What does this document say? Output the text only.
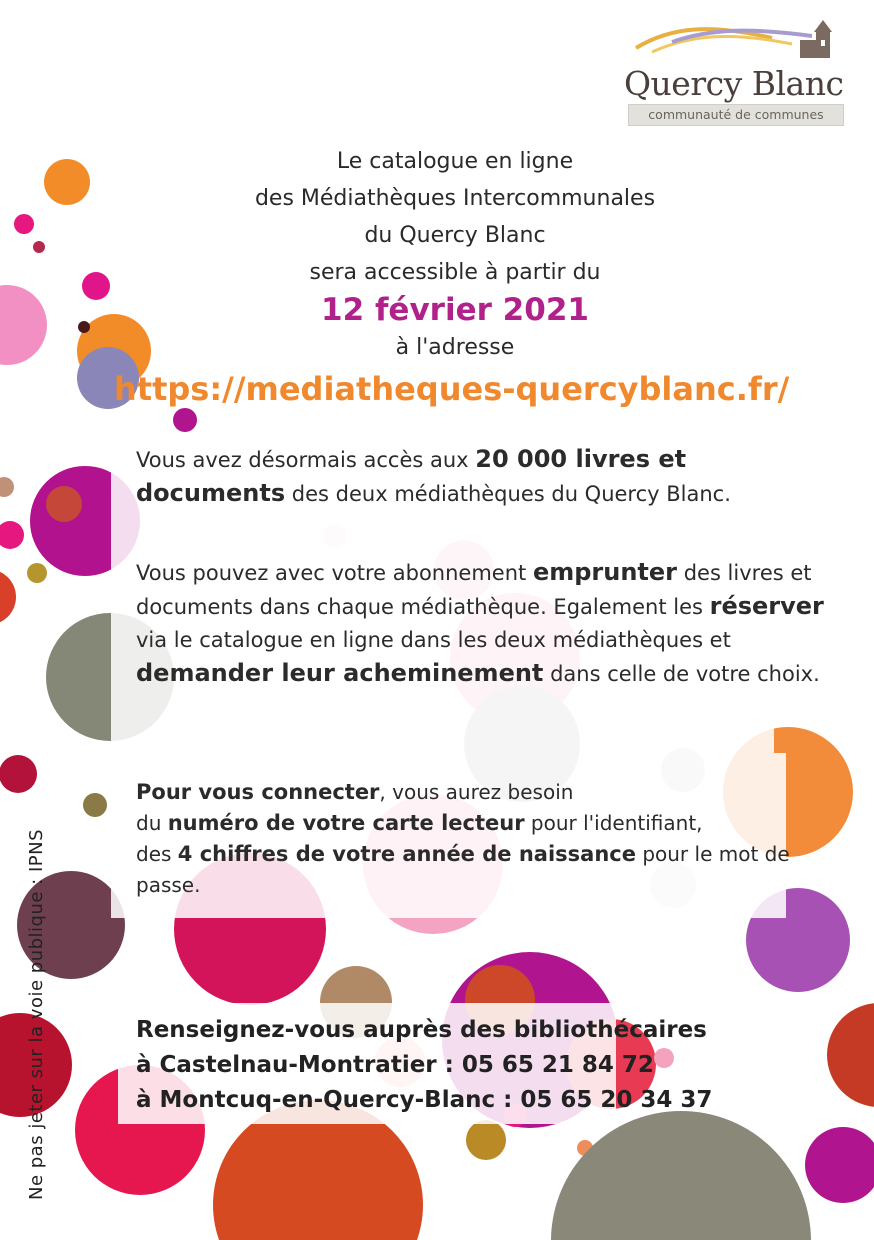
Quercy Blanc
communauté de communes
Le catalogue en ligne
des Médiathèques Intercommunales
du Quercy Blanc
sera accessible à partir du
12 février 2021
à l'adresse
https://mediatheques-quercyblanc.fr/
Vous avez désormais accès aux 20 000 livres et documents des deux médiathèques du Quercy Blanc.
Vous pouvez avec votre abonnement emprunter des livres et documents dans chaque médiathèque. Egalement les réserver via le catalogue en ligne dans les deux médiathèques et demander leur acheminement dans celle de votre choix.
Pour vous connecter, vous aurez besoin
du numéro de votre carte lecteur pour l'identifiant,
des 4 chiffres de votre année de naissance pour le mot de passe.
Renseignez-vous auprès des bibliothécaires
à Castelnau-Montratier : 05 65 21 84 72
à Montcuq-en-Quercy-Blanc : 05 65 20 34 37
Ne pas jeter sur la voie publique : IPNS
